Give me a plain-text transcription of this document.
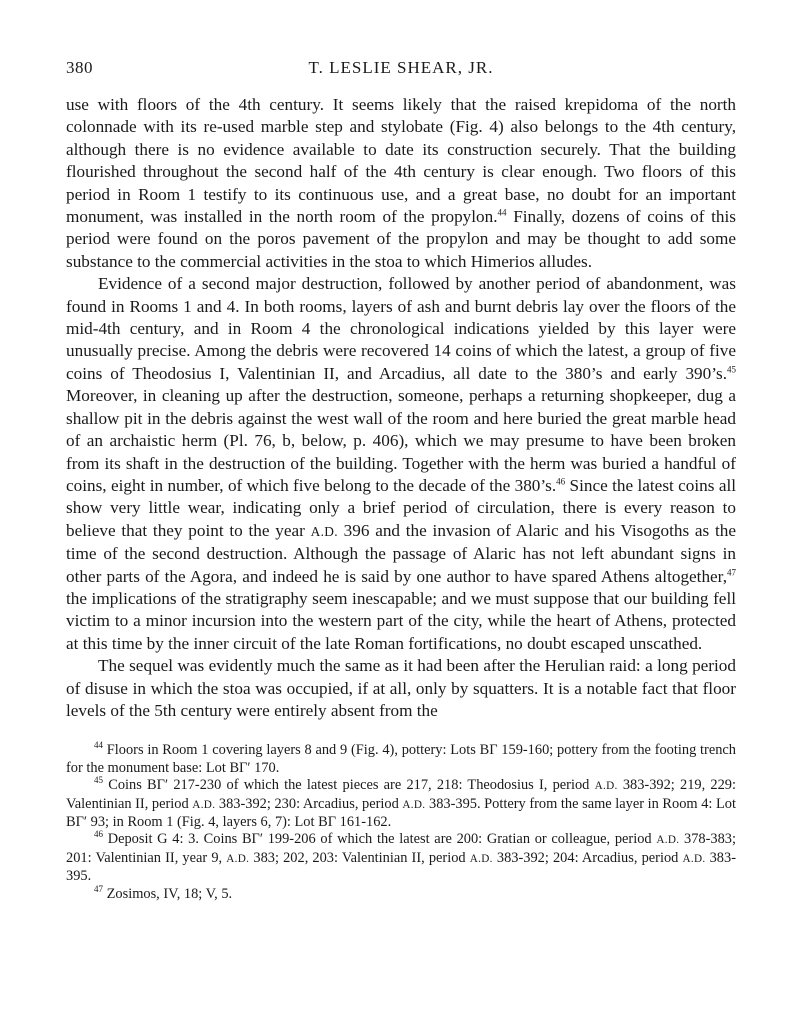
380	T. LESLIE SHEAR, JR.

use with floors of the 4th century. It seems likely that the raised krepidoma of the north colonnade with its re-used marble step and stylobate (Fig. 4) also belongs to the 4th century, although there is no evidence available to date its construction securely. That the building flourished throughout the second half of the 4th century is clear enough. Two floors of this period in Room 1 testify to its continuous use, and a great base, no doubt for an important monument, was installed in the north room of the propylon.$^{44}$ Finally, dozens of coins of this period were found on the poros pavement of the propylon and may be thought to add some substance to the commercial activities in the stoa to which Himerios alludes.

Evidence of a second major destruction, followed by another period of abandonment, was found in Rooms 1 and 4. In both rooms, layers of ash and burnt debris lay over the floors of the mid-4th century, and in Room 4 the chronological indications yielded by this layer were unusually precise. Among the debris were recovered 14 coins of which the latest, a group of five coins of Theodosius I, Valentinian II, and Arcadius, all date to the 380’s and early 390’s.$^{45}$ Moreover, in cleaning up after the destruction, someone, perhaps a returning shopkeeper, dug a shallow pit in the debris against the west wall of the room and here buried the great marble head of an archaistic herm (Pl. 76, b, below, p. 406), which we may presume to have been broken from its shaft in the destruction of the building. Together with the herm was buried a handful of coins, eight in number, of which five belong to the decade of the 380’s.$^{46}$ Since the latest coins all show very little wear, indicating only a brief period of circulation, there is every reason to believe that they point to the year A.D. 396 and the invasion of Alaric and his Visogoths as the time of the second destruction. Although the passage of Alaric has not left abundant signs in other parts of the Agora, and indeed he is said by one author to have spared Athens altogether,$^{47}$ the implications of the stratigraphy seem inescapable; and we must suppose that our building fell victim to a minor incursion into the western part of the city, while the heart of Athens, protected at this time by the inner circuit of the late Roman fortifications, no doubt escaped unscathed.

The sequel was evidently much the same as it had been after the Herulian raid: a long period of disuse in which the stoa was occupied, if at all, only by squatters. It is a notable fact that floor levels of the 5th century were entirely absent from the

$^{44}$ Floors in Room 1 covering layers 8 and 9 (Fig. 4), pottery: Lots ΒΓ 159-160; pottery from the footing trench for the monument base: Lot ΒΓ′ 170.

$^{45}$ Coins ΒΓ′ 217-230 of which the latest pieces are 217, 218: Theodosius I, period A.D. 383-392; 219, 229: Valentinian II, period A.D. 383-392; 230: Arcadius, period A.D. 383-395. Pottery from the same layer in Room 4: Lot ΒΓ′ 93; in Room 1 (Fig. 4, layers 6, 7): Lot ΒΓ 161-162.

$^{46}$ Deposit G 4: 3. Coins ΒΓ′ 199-206 of which the latest are 200: Gratian or colleague, period A.D. 378-383; 201: Valentinian II, year 9, A.D. 383; 202, 203: Valentinian II, period A.D. 383-392; 204: Arcadius, period A.D. 383-395.

$^{47}$ Zosimos, IV, 18; V, 5.
